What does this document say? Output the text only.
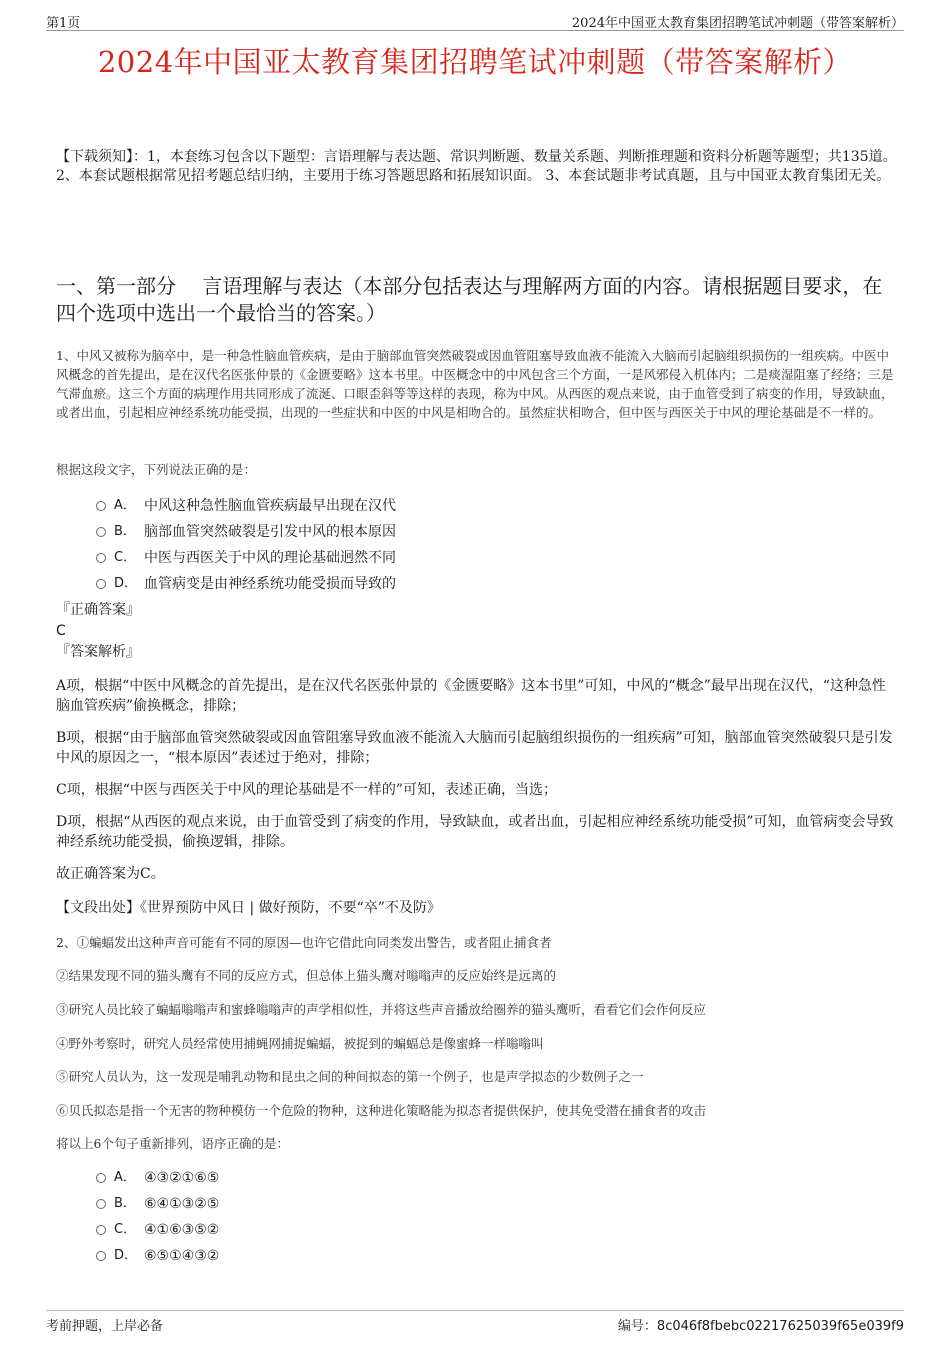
第1页	2024年中国亚太教育集团招聘笔试冲刺题（带答案解析）
2024年中国亚太教育集团招聘笔试冲刺题（带答案解析）
【下载须知】：1，本套练习包含以下题型：言语理解与表达题、常识判断题、数量关系题、判断推理题和资料分析题等题型；共135道。 2、本套试题根据常见招考题总结归纳，主要用于练习答题思路和拓展知识面。 3、本套试题非考试真题，且与中国亚太教育集团无关。
一、第一部分　 言语理解与表达（本部分包括表达与理解两方面的内容。请根据题目要求，在四个选项中选出一个最恰当的答案。）
1、中风又被称为脑卒中，是一种急性脑血管疾病，是由于脑部血管突然破裂或因血管阻塞导致血液不能流入大脑而引起脑组织损伤的一组疾病。中医中风概念的首先提出，是在汉代名医张仲景的《金匮要略》这本书里。中医概念中的中风包含三个方面，一是风邪侵入机体内；二是痰湿阻塞了经络；三是气滞血瘀。这三个方面的病理作用共同形成了流涎、口眼歪斜等等这样的表现，称为中风。从西医的观点来说，由于血管受到了病变的作用，导致缺血，或者出血，引起相应神经系统功能受损，出现的一些症状和中医的中风是相吻合的。虽然症状相吻合，但中医与西医关于中风的理论基础是不一样的。
根据这段文字，下列说法正确的是：
A． 中风这种急性脑血管疾病最早出现在汉代
B． 脑部血管突然破裂是引发中风的根本原因
C． 中医与西医关于中风的理论基础迥然不同
D． 血管病变是由神经系统功能受损而导致的
『正确答案』
C
『答案解析』
A项，根据“中医中风概念的首先提出，是在汉代名医张仲景的《金匮要略》这本书里”可知，中风的“概念”最早出现在汉代，“这种急性脑血管疾病”偷换概念，排除；
B项，根据“由于脑部血管突然破裂或因血管阻塞导致血液不能流入大脑而引起脑组织损伤的一组疾病”可知，脑部血管突然破裂只是引发中风的原因之一，“根本原因”表述过于绝对，排除；
C项，根据“中医与西医关于中风的理论基础是不一样的”可知，表述正确，当选；
D项，根据“从西医的观点来说，由于血管受到了病变的作用，导致缺血，或者出血，引起相应神经系统功能受损”可知，血管病变会导致神经系统功能受损，偷换逻辑，排除。
故正确答案为C。
【文段出处】《世界预防中风日 | 做好预防，不要“卒”不及防》
2、①蝙蝠发出这种声音可能有不同的原因—也许它借此向同类发出警告，或者阻止捕食者
②结果发现不同的猫头鹰有不同的反应方式，但总体上猫头鹰对嗡嗡声的反应始终是远离的
③研究人员比较了蝙蝠嗡嗡声和蜜蜂嗡嗡声的声学相似性，并将这些声音播放给圈养的猫头鹰听，看看它们会作何反应
④野外考察时，研究人员经常使用捕蝇网捕捉蝙蝠，被捉到的蝙蝠总是像蜜蜂一样嗡嗡叫
⑤研究人员认为，这一发现是哺乳动物和昆虫之间的种间拟态的第一个例子，也是声学拟态的少数例子之一
⑥贝氏拟态是指一个无害的物种模仿一个危险的物种，这种进化策略能为拟态者提供保护，使其免受潜在捕食者的攻击
将以上6个句子重新排列，语序正确的是：
A． ④③②①⑥⑤
B． ⑥④①③②⑤
C． ④①⑥③⑤②
D． ⑥⑤①④③②
考前押题，上岸必备	编号：8c046f8fbebc02217625039f65e039f9
